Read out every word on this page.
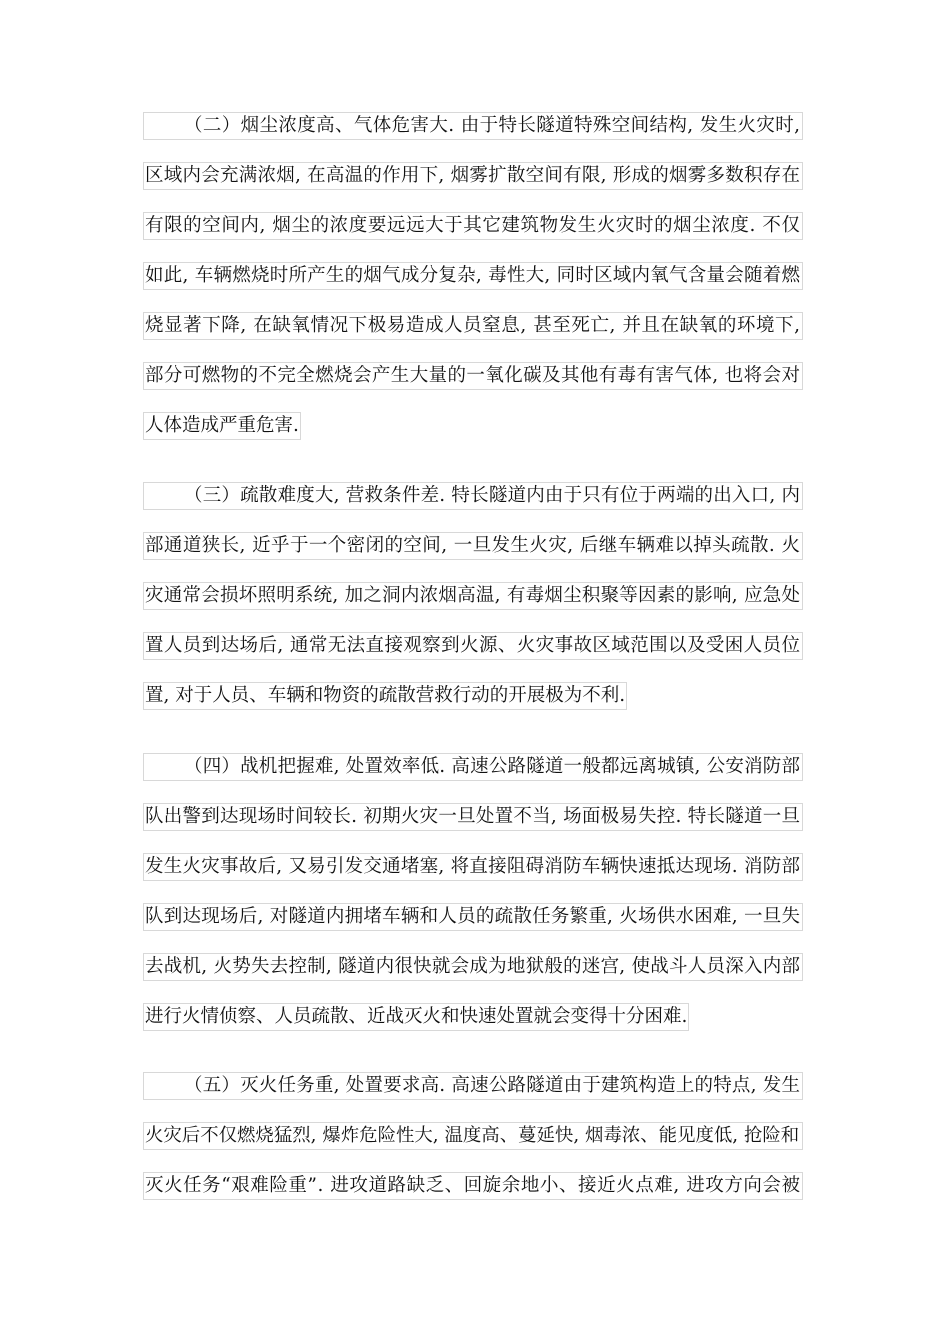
（二）烟尘浓度高、气体危害大. 由于特长隧道特殊空间结构, 发生火灾时,
区域内会充满浓烟, 在高温的作用下, 烟雾扩散空间有限, 形成的烟雾多数积存在
有限的空间内, 烟尘的浓度要远远大于其它建筑物发生火灾时的烟尘浓度. 不仅
如此, 车辆燃烧时所产生的烟气成分复杂, 毒性大, 同时区域内氧气含量会随着燃
烧显著下降, 在缺氧情况下极易造成人员窒息, 甚至死亡, 并且在缺氧的环境下,
部分可燃物的不完全燃烧会产生大量的一氧化碳及其他有毒有害气体, 也将会对
人体造成严重危害.
（三）疏散难度大, 营救条件差. 特长隧道内由于只有位于两端的出入口, 内
部通道狭长, 近乎于一个密闭的空间, 一旦发生火灾, 后继车辆难以掉头疏散. 火
灾通常会损坏照明系统, 加之洞内浓烟高温, 有毒烟尘积聚等因素的影响, 应急处
置人员到达场后, 通常无法直接观察到火源、火灾事故区域范围以及受困人员位
置, 对于人员、车辆和物资的疏散营救行动的开展极为不利.
（四）战机把握难, 处置效率低. 高速公路隧道一般都远离城镇, 公安消防部
队出警到达现场时间较长. 初期火灾一旦处置不当, 场面极易失控. 特长隧道一旦
发生火灾事故后, 又易引发交通堵塞, 将直接阻碍消防车辆快速抵达现场. 消防部
队到达现场后, 对隧道内拥堵车辆和人员的疏散任务繁重, 火场供水困难, 一旦失
去战机, 火势失去控制, 隧道内很快就会成为地狱般的迷宫, 使战斗人员深入内部
进行火情侦察、人员疏散、近战灭火和快速处置就会变得十分困难.
（五）灭火任务重, 处置要求高. 高速公路隧道由于建筑构造上的特点, 发生
火灾后不仅燃烧猛烈, 爆炸危险性大, 温度高、蔓延快, 烟毒浓、能见度低, 抢险和
灭火任务“艰难险重”. 进攻道路缺乏、回旋余地小、接近火点难, 进攻方向会被
